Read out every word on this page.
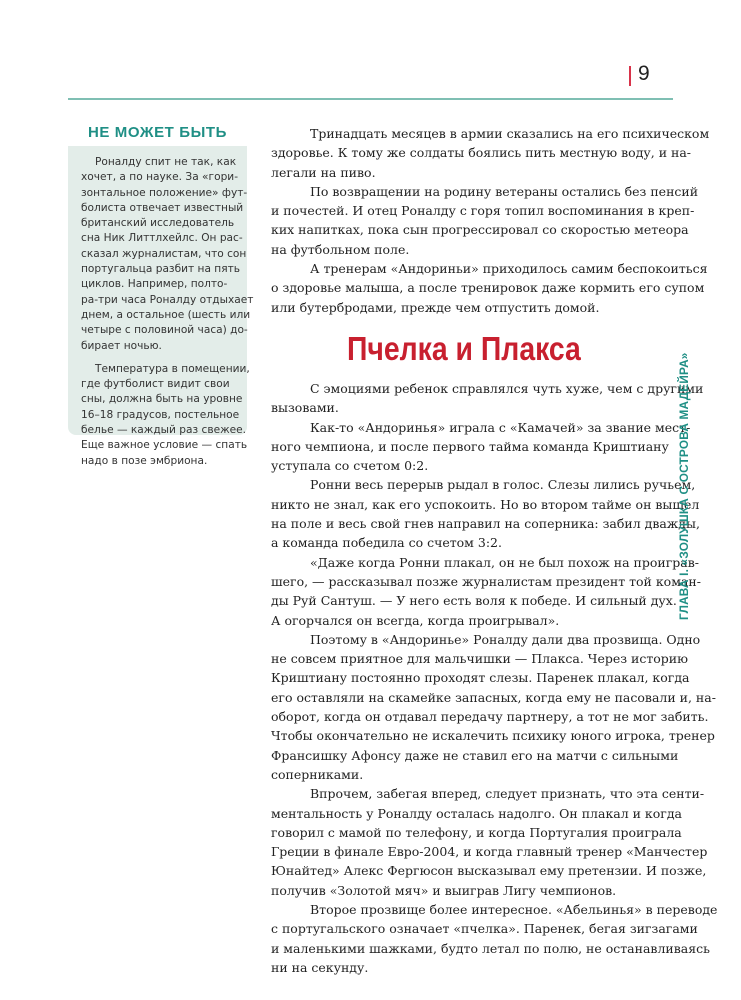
9
НЕ МОЖЕТ БЫТЬ

Роналду спит не так, как
хочет, а по науке. За «гори-
зонтальное положение» фут-
болиста отвечает известный
британский исследователь
сна Ник Литтлхейлс. Он рас-
сказал журналистам, что сон
португальца разбит на пять
циклов. Например, полто-
ра-три часа Роналду отдыхает
днем, а остальное (шесть или
четыре с половиной часа) до-
бирает ночью.

Температура в помещении,
где футболист видит свои
сны, должна быть на уровне
16–18 градусов, постельное
белье — каждый раз свежее.
Еще важное условие — спать
надо в позе эмбриона.

Тринадцать месяцев в армии сказались на его психическом
здоровье. К тому же солдаты боялись пить местную воду, и на-
легали на пиво.

По возвращении на родину ветераны остались без пенсий
и почестей. И отец Роналду с горя топил воспоминания в креп-
ких напитках, пока сын прогрессировал со скоростью метеора
на футбольном поле.

А тренерам «Андориньи» приходилось самим беспокоиться
о здоровье малыша, а после тренировок даже кормить его супом
или бутербродами, прежде чем отпустить домой.

Пчелка и Плакса

С эмоциями ребенок справлялся чуть хуже, чем с другими
вызовами.

Как-то «Андоринья» играла с «Камачей» за звание мест-
ного чемпиона, и после первого тайма команда Криштиану
уступала со счетом 0:2.

Ронни весь перерыв рыдал в голос. Слезы лились ручьем,
никто не знал, как его успокоить. Но во втором тайме он вышел
на поле и весь свой гнев направил на соперника: забил дважды,
а команда победила со счетом 3:2.

«Даже когда Ронни плакал, он не был похож на проиграв-
шего, — рассказывал позже журналистам президент той коман-
ды Руй Сантуш. — У него есть воля к победе. И сильный дух.
А огорчался он всегда, когда проигрывал».

Поэтому в «Андоринье» Роналду дали два прозвища. Одно
не совсем приятное для мальчишки — Плакса. Через историю
Криштиану постоянно проходят слезы. Паренек плакал, когда
его оставляли на скамейке запасных, когда ему не пасовали и, на-
оборот, когда он отдавал передачу партнеру, а тот не мог забить.
Чтобы окончательно не искалечить психику юного игрока, тренер
Франсишку Афонсу даже не ставил его на матчи с сильными
соперниками.

Впрочем, забегая вперед, следует признать, что эта сенти-
ментальность у Роналду осталась надолго. Он плакал и когда
говорил с мамой по телефону, и когда Португалия проиграла
Греции в финале Евро-2004, и когда главный тренер «Манчестер
Юнайтед» Алекс Фергюсон высказывал ему претензии. И позже,
получив «Золотой мяч» и выиграв Лигу чемпионов.

Второе прозвище более интересное. «Абельинья» в переводе
с португальского означает «пчелка». Паренек, бегая зигзагами
и маленькими шажками, будто летал по полю, не останавливаясь
ни на секунду.

ГЛАВА I. «ЗОЛУШКА С ОСТРОВА МАДЕЙРА»
